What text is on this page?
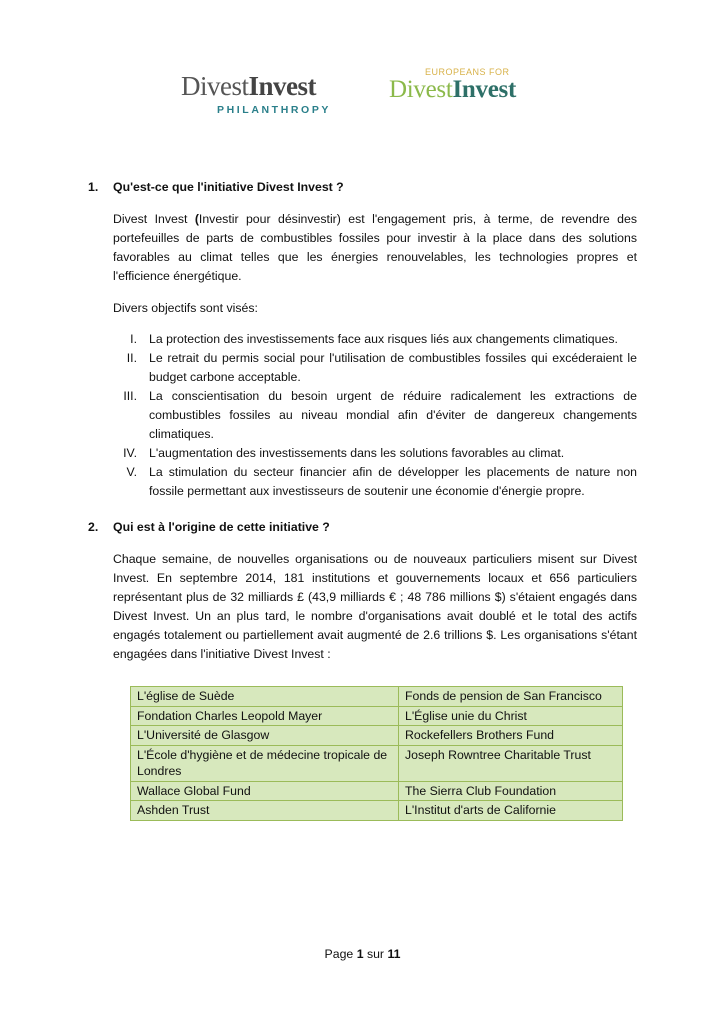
DivestInvest
PHILANTHROPY
EUROPEANS FOR
DivestInvest
1.	Qu'est-ce que l'initiative Divest Invest ?

Divest Invest (Investir pour désinvestir) est l'engagement pris, à terme, de revendre des portefeuilles de parts de combustibles fossiles pour investir à la place dans des solutions favorables au climat telles que les énergies renouvelables, les technologies propres et l'efficience énergétique.

Divers objectifs sont visés:

I. La protection des investissements face aux risques liés aux changements climatiques.
II. Le retrait du permis social pour l'utilisation de combustibles fossiles qui excéderaient le budget carbone acceptable.
III. La conscientisation du besoin urgent de réduire radicalement les extractions de combustibles fossiles au niveau mondial afin d'éviter de dangereux changements climatiques.
IV. L'augmentation des investissements dans les solutions favorables au climat.
V. La stimulation du secteur financier afin de développer les placements de nature non fossile permettant aux investisseurs de soutenir une économie d'énergie propre.
2.	Qui est à l'origine de cette initiative ?

Chaque semaine, de nouvelles organisations ou de nouveaux particuliers misent sur Divest Invest. En septembre 2014, 181 institutions et gouvernements locaux et 656 particuliers représentant plus de 32 milliards £ (43,9 milliards € ; 48 786 millions $) s'étaient engagés dans Divest Invest. Un an plus tard, le nombre d'organisations avait doublé et le total des actifs engagés totalement ou partiellement avait augmenté de 2.6 trillions $. Les organisations s'étant engagées dans l'initiative Divest Invest :

L'église de Suède	Fonds de pension de San Francisco
Fondation Charles Leopold Mayer	L'Église unie du Christ
L'Université de Glasgow	Rockefellers Brothers Fund
L'École d'hygiène et de médecine tropicale de Londres	Joseph Rowntree Charitable Trust
Wallace Global Fund	The Sierra Club Foundation
Ashden Trust	L'Institut d'arts de Californie
Page 1 sur 11
